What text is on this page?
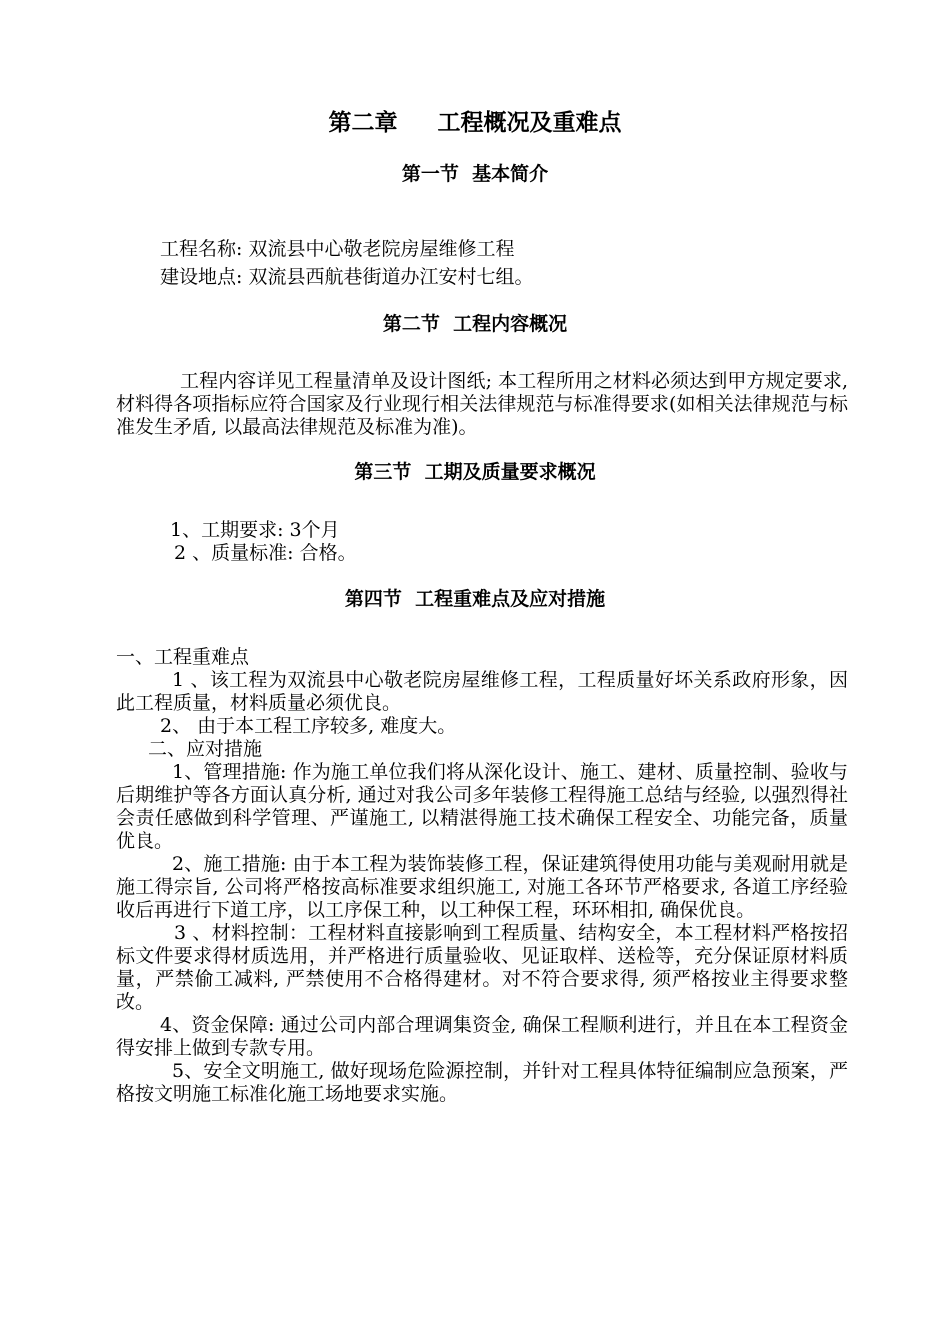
第二章     工程概况及重难点
第一节  基本简介

工程名称: 双流县中心敬老院房屋维修工程

建设地点: 双流县西航巷街道办江安村七组。

第二节  工程内容概况

工程内容详见工程量清单及设计图纸; 本工程所用之材料必须达到甲方规定要求, 材料得各项指标应符合国家及行业现行相关法律规范与标准得要求(如相关法律规范与标准发生矛盾, 以最高法律规范及标准为准)。

第三节  工期及质量要求概况

1、工期要求: 3个月

2 、质量标准: 合格。

第四节  工程重难点及应对措施

一、工程重难点

1 、该工程为双流县中心敬老院房屋维修工程，工程质量好坏关系政府形象，因此工程质量，材料质量必须优良。

2、 由于本工程工序较多, 难度大。

二、应对措施

1、管理措施: 作为施工单位我们将从深化设计、施工、建材、质量控制、验收与后期维护等各方面认真分析, 通过对我公司多年装修工程得施工总结与经验, 以强烈得社会责任感做到科学管理、严谨施工, 以精湛得施工技术确保工程安全、功能完备，质量优良。

2、施工措施: 由于本工程为装饰装修工程，保证建筑得使用功能与美观耐用就是施工得宗旨, 公司将严格按高标准要求组织施工, 对施工各环节严格要求, 各道工序经验收后再进行下道工序，以工序保工种，以工种保工程，环环相扣, 确保优良。

3 、材料控制：工程材料直接影响到工程质量、结构安全，本工程材料严格按招标文件要求得材质选用，并严格进行质量验收、见证取样、送检等，充分保证原材料质量，严禁偷工减料, 严禁使用不合格得建材。对不符合要求得, 须严格按业主得要求整改。

4、资金保障: 通过公司内部合理调集资金, 确保工程顺利进行，并且在本工程资金得安排上做到专款专用。

5、安全文明施工, 做好现场危险源控制，并针对工程具体特征编制应急预案，严格按文明施工标准化施工场地要求实施。
